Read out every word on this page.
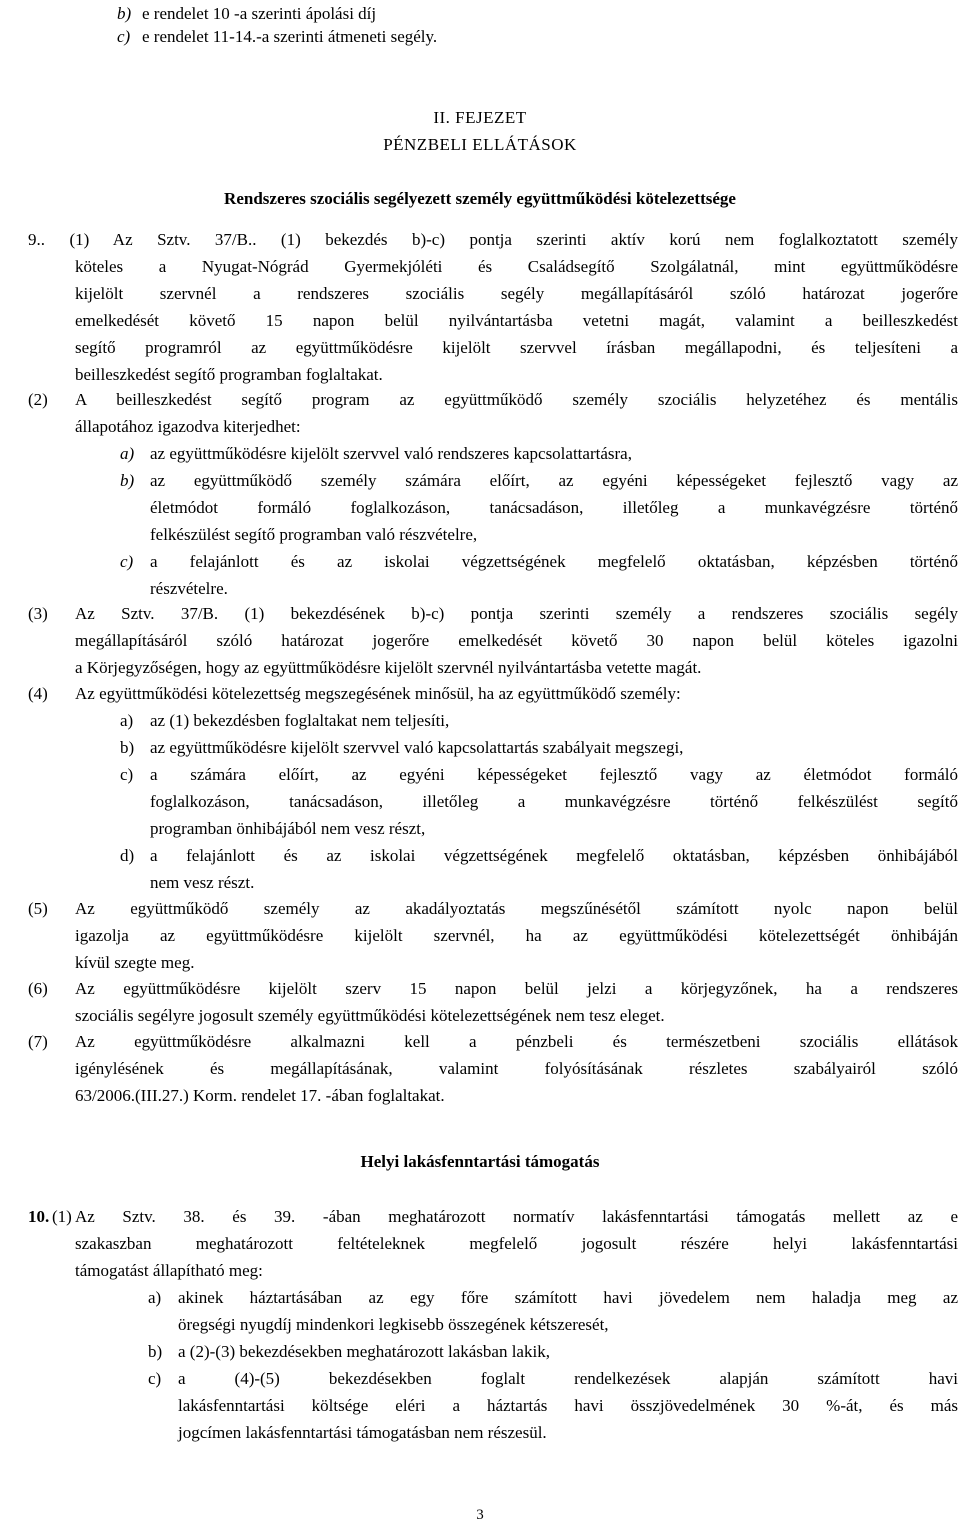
b) e rendelet 10 -a szerinti ápolási díj
c) e rendelet 11-14.-a szerinti átmeneti segély.
II. FEJEZET
PÉNZBELI ELLÁTÁSOK
Rendszeres szociális segélyezett személy együttműködési kötelezettsége
9.. (1) Az Sztv. 37/B.. (1) bekezdés b)-c) pontja szerinti aktív korú nem foglalkoztatott személy
köteles a Nyugat-Nógrád Gyermekjóléti és Családsegítő Szolgálatnál, mint együttműködésre
kijelölt szervnél a rendszeres szociális segély megállapításáról szóló határozat jogerőre
emelkedését követő 15 napon belül nyilvántartásba vetetni magát, valamint a beilleszkedést
segítő programról az együttműködésre kijelölt szervvel írásban megállapodni, és teljesíteni a
beilleszkedést segítő programban foglaltakat.
(2) A beilleszkedést segítő program az együttműködő személy szociális helyzetéhez és mentális
állapotához igazodva kiterjedhet:
a) az együttműködésre kijelölt szervvel való rendszeres kapcsolattartásra,
b) az együttműködő személy számára előírt, az egyéni képességeket fejlesztő vagy az
életmódot formáló foglalkozáson, tanácsadáson, illetőleg a munkavégzésre történő
felkészülést segítő programban való részvételre,
c) a felajánlott és az iskolai végzettségének megfelelő oktatásban, képzésben történő
részvételre.
(3) Az Sztv. 37/B. (1) bekezdésének b)-c) pontja szerinti személy a rendszeres szociális segély
megállapításáról szóló határozat jogerőre emelkedését követő 30 napon belül köteles igazolni
a Körjegyzőségen, hogy az együttműködésre kijelölt szervnél nyilvántartásba vetette magát.
(4) Az együttműködési kötelezettség megszegésének minősül, ha az együttműködő személy:
a) az (1) bekezdésben foglaltakat nem teljesíti,
b) az együttműködésre kijelölt szervvel való kapcsolattartás szabályait megszegi,
c) a számára előírt, az egyéni képességeket fejlesztő vagy az életmódot formáló
foglalkozáson, tanácsadáson, illetőleg a munkavégzésre történő felkészülést segítő
programban önhibájából nem vesz részt,
d) a felajánlott és az iskolai végzettségének megfelelő oktatásban, képzésben önhibájából
nem vesz részt.
(5) Az együttműködő személy az akadályoztatás megszűnésétől számított nyolc napon belül
igazolja az együttműködésre kijelölt szervnél, ha az együttműködési kötelezettségét önhibáján
kívül szegte meg.
(6) Az együttműködésre kijelölt szerv 15 napon belül jelzi a körjegyzőnek, ha a rendszeres
szociális segélyre jogosult személy együttműködési kötelezettségének nem tesz eleget.
(7) Az együttműködésre alkalmazni kell a pénzbeli és természetbeni szociális ellátások
igénylésének és megállapításának, valamint folyósításának részletes szabályairól szóló
63/2006.(III.27.) Korm. rendelet 17. -ában foglaltakat.
Helyi lakásfenntartási támogatás
10. (1) Az Sztv. 38. és 39. -ában meghatározott normatív lakásfenntartási támogatás mellett az e
szakaszban meghatározott feltételeknek megfelelő jogosult részére helyi lakásfenntartási
támogatást állapítható meg:
a) akinek háztartásában az egy főre számított havi jövedelem nem haladja meg az
öregségi nyugdíj mindenkori legkisebb összegének kétszeresét,
b) a (2)-(3) bekezdésekben meghatározott lakásban lakik,
c) a (4)-(5) bekezdésekben foglalt rendelkezések alapján számított havi
lakásfenntartási költsége eléri a háztartás havi összjövedelmének 30 %-át, és más
jogcímen lakásfenntartási támogatásban nem részesül.
3
